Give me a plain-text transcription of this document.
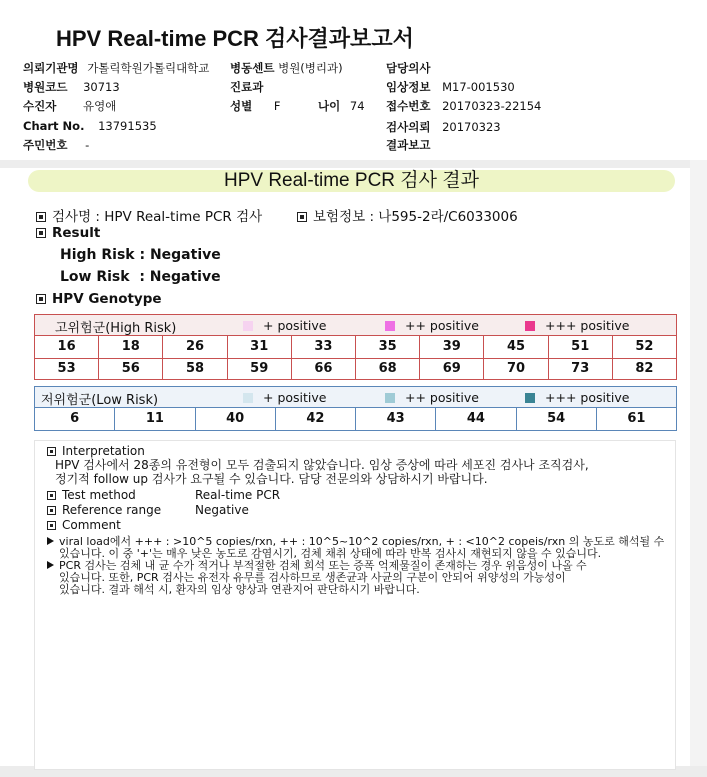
HPV Real-time PCR 검사결과보고서
의뢰기관명 가톨릭학원가톨릭대학교 병동센트 병원(병리과)	담당의사
병원코드 30713	진료과	임상정보 M17-001530
수진자 유영애	성별 F	나이 74 접수번호 20170323-22154
Chart No. 13791535	검사의뢰 20170323
주민번호 -	결과보고
HPV Real-time PCR 검사 결과
검사명 : HPV Real-time PCR 검사	보험정보 : 나595-2라/C6033006
Result
High Risk : Negative
Low Risk  : Negative
HPV Genotype
고위험군(High Risk)	+ positive	++ positive	+++ positive
16	18	26	31	33	35	39	45	51	52
53	56	58	59	66	68	69	70	73	82
저위험군(Low Risk)	+ positive	++ positive	+++ positive
6	11	40	42	43	44	54	61
Interpretation
HPV 검사에서 28종의 유전형이 모두 검출되지 않았습니다. 임상 증상에 따라 세포진 검사나 조직검사,
정기적 follow up 검사가 요구될 수 있습니다. 담당 전문의와 상담하시기 바랍니다.
Test method	Real-time PCR
Reference range	Negative
Comment
viral load에서 +++ : >10^5 copies/rxn, ++ : 10^5~10^2 copies/rxn, + : <10^2 copeis/rxn 의 농도로 해석될 수
있습니다. 이 중 '+'는 매우 낮은 농도로 감염시기, 검체 채취 상태에 따라 반복 검사시 재현되지 않을 수 있습니다.
PCR 검사는 검체 내 균 수가 적거나 부적절한 검체 희석 또는 증폭 억제물질이 존재하는 경우 위음성이 나올 수
있습니다. 또한, PCR 검사는 유전자 유무를 검사하므로 생존균과 사균의 구분이 안되어 위양성의 가능성이
있습니다. 결과 해석 시, 환자의 임상 양상과 연관지어 판단하시기 바랍니다.
